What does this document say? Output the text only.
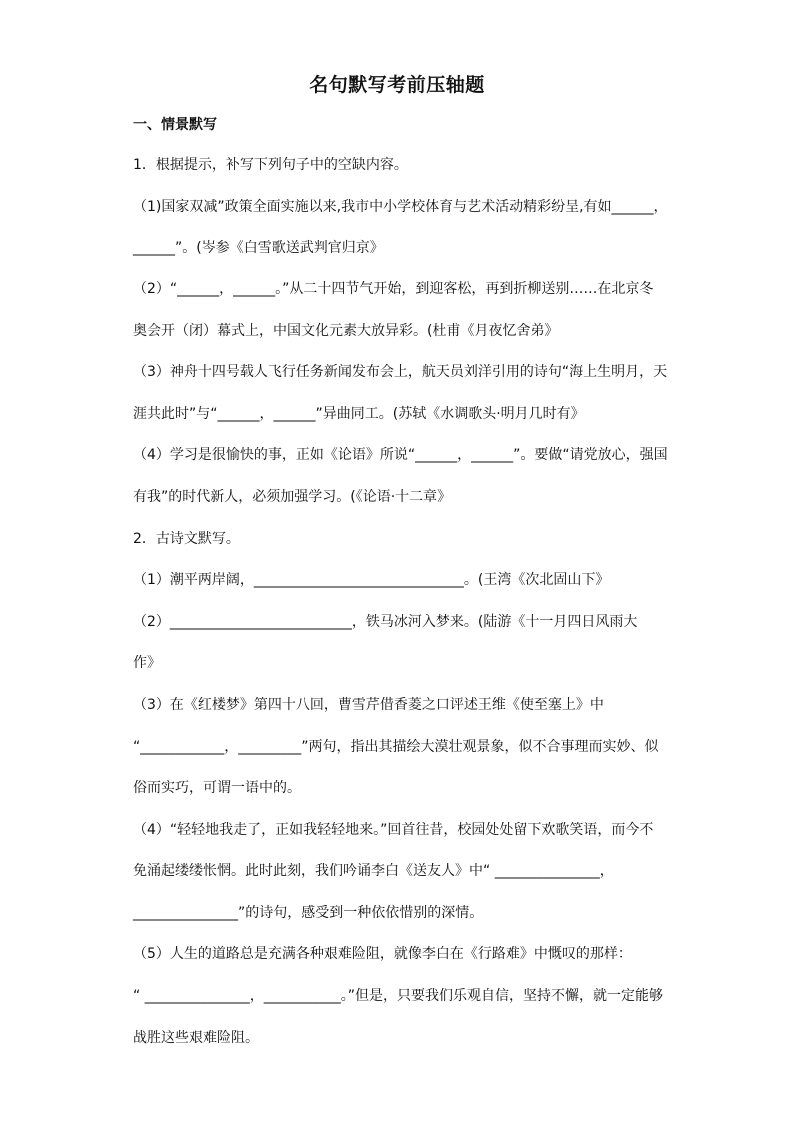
名句默写考前压轴题
一、情景默写
1．根据提示，补写下列句子中的空缺内容。
（1)国家双减”政策全面实施以来,我市中小学校体育与艺术活动精彩纷呈,有如______，
______”。(岑参《白雪歌送武判官归京》
（2）“______，______。”从二十四节气开始，到迎客松，再到折柳送别……在北京冬
奥会开（闭）幕式上，中国文化元素大放异彩。(杜甫《月夜忆舍弟》
（3）神舟十四号载人飞行任务新闻发布会上，航天员刘洋引用的诗句“海上生明月，天
涯共此时”与“______，______”异曲同工。(苏轼《水调歌头·明月几时有》
（4）学习是很愉快的事，正如《论语》所说“______，______”。要做“请党放心，强国
有我”的时代新人，必须加强学习。(《论语·十二章》
2．古诗文默写。
（1）潮平两岸阔，______________________________。(王湾《次北固山下》
（2）__________________________，铁马冰河入梦来。(陆游《十一月四日风雨大
作》
（3）在《红楼梦》第四十八回，曹雪芹借香菱之口评述王维《使至塞上》中
“____________，_________”两句，指出其描绘大漠壮观景象，似不合事理而实妙、似
俗而实巧，可谓一语中的。
（4）“轻轻地我走了，正如我轻轻地来。”回首往昔，校园处处留下欢歌笑语，而今不
免涌起缕缕怅惘。此时此刻，我们吟诵李白《送友人》中“ _______________，
_______________”的诗句，感受到一种依依惜别的深情。
（5）人生的道路总是充满各种艰难险阻，就像李白在《行路难》中慨叹的那样：
“ _______________，___________。”但是，只要我们乐观自信，坚持不懈，就一定能够
战胜这些艰难险阻。
